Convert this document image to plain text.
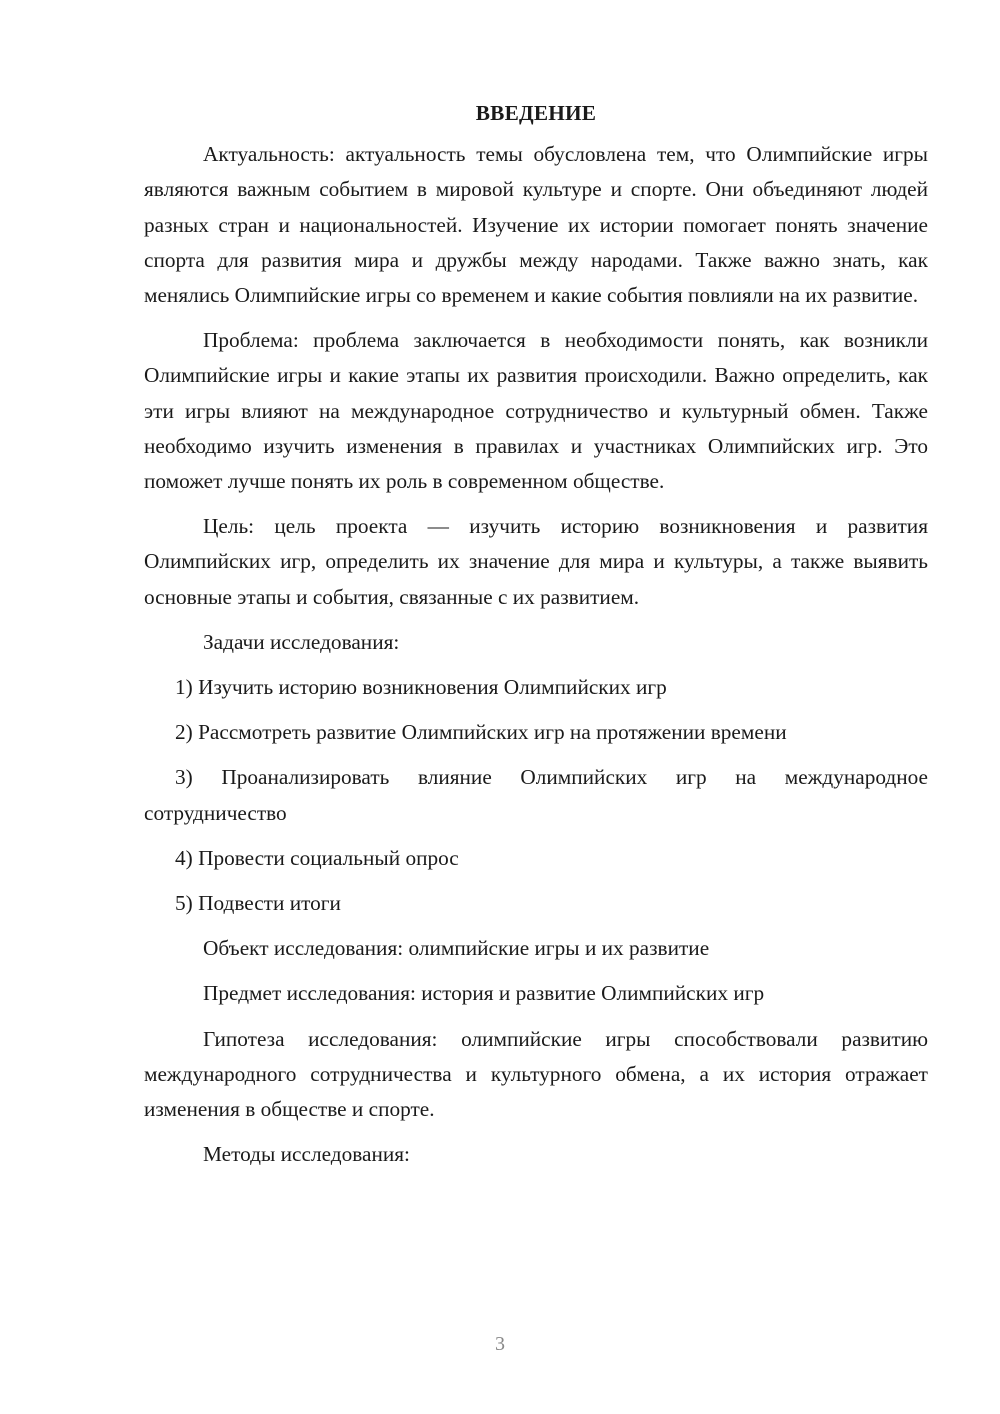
ВВЕДЕНИЕ

Актуальность: актуальность темы обусловлена тем, что Олимпийские игры являются важным событием в мировой культуре и спорте. Они объединяют людей разных стран и национальностей. Изучение их истории помогает понять значение спорта для развития мира и дружбы между народами. Также важно знать, как менялись Олимпийские игры со временем и какие события повлияли на их развитие.

Проблема: проблема заключается в необходимости понять, как возникли Олимпийские игры и какие этапы их развития происходили. Важно определить, как эти игры влияют на международное сотрудничество и культурный обмен. Также необходимо изучить изменения в правилах и участниках Олимпийских игр. Это поможет лучше понять их роль в современном обществе.

Цель: цель проекта — изучить историю возникновения и развития Олимпийских игр, определить их значение для мира и культуры, а также выявить основные этапы и события, связанные с их развитием.

Задачи исследования:

1) Изучить историю возникновения Олимпийских игр

2) Рассмотреть развитие Олимпийских игр на протяжении времени

3) Проанализировать влияние Олимпийских игр на международное сотрудничество

4) Провести социальный опрос

5) Подвести итоги

Объект исследования: олимпийские игры и их развитие

Предмет исследования: история и развитие Олимпийских игр

Гипотеза исследования: олимпийские игры способствовали развитию международного сотрудничества и культурного обмена, а их история отражает изменения в обществе и спорте.

Методы исследования:

3
